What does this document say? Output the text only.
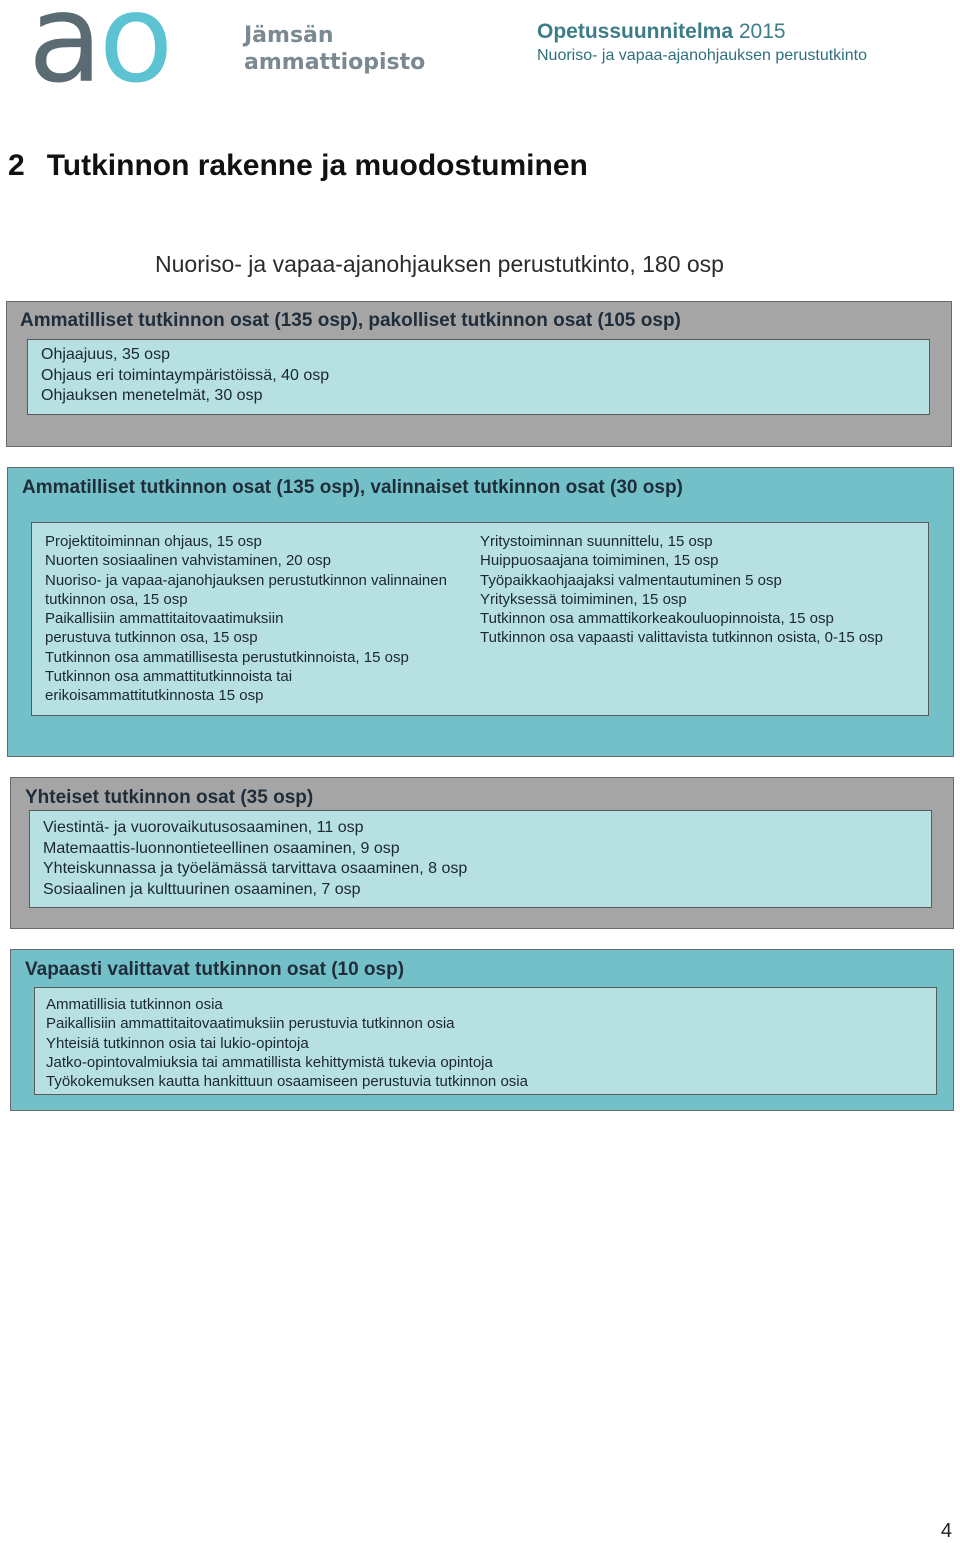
ao	Jämsän
ammattiopisto
Opetussuunnitelma 2015
Nuoriso- ja vapaa-ajanohjauksen perustutkinto
2 Tutkinnon rakenne ja muodostuminen
Nuoriso- ja vapaa-ajanohjauksen perustutkinto, 180 osp
Ammatilliset tutkinnon osat (135 osp), pakolliset tutkinnon osat (105 osp)
Ohjaajuus, 35 osp
Ohjaus eri toimintaympäristöissä, 40 osp
Ohjauksen menetelmät, 30 osp
Ammatilliset tutkinnon osat (135 osp), valinnaiset tutkinnon osat (30 osp)
Projektitoiminnan ohjaus, 15 osp
Nuorten sosiaalinen vahvistaminen, 20 osp
Nuoriso- ja vapaa-ajanohjauksen perustutkinnon valinnainen
tutkinnon osa, 15 osp
Paikallisiin ammattitaitovaatimuksiin
perustuva tutkinnon osa, 15 osp
Tutkinnon osa ammatillisesta perustutkinnoista, 15 osp
Tutkinnon osa ammattitutkinnoista tai
erikoisammattitutkinnosta 15 osp
Yritystoiminnan suunnittelu, 15 osp
Huippuosaajana toimiminen, 15 osp
Työpaikkaohjaajaksi valmentautuminen 5 osp
Yrityksessä toimiminen, 15 osp
Tutkinnon osa ammattikorkeakouluopinnoista, 15 osp
Tutkinnon osa vapaasti valittavista tutkinnon osista, 0-15 osp
Yhteiset tutkinnon osat (35 osp)
Viestintä- ja vuorovaikutusosaaminen, 11 osp
Matemaattis-luonnontieteellinen osaaminen, 9 osp
Yhteiskunnassa ja työelämässä tarvittava osaaminen, 8 osp
Sosiaalinen ja kulttuurinen osaaminen, 7 osp
Vapaasti valittavat tutkinnon osat (10 osp)
Ammatillisia tutkinnon osia
Paikallisiin ammattitaitovaatimuksiin perustuvia tutkinnon osia
Yhteisiä tutkinnon osia tai lukio-opintoja
Jatko-opintovalmiuksia tai ammatillista kehittymistä tukevia opintoja
Työkokemuksen kautta hankittuun osaamiseen perustuvia tutkinnon osia
4
